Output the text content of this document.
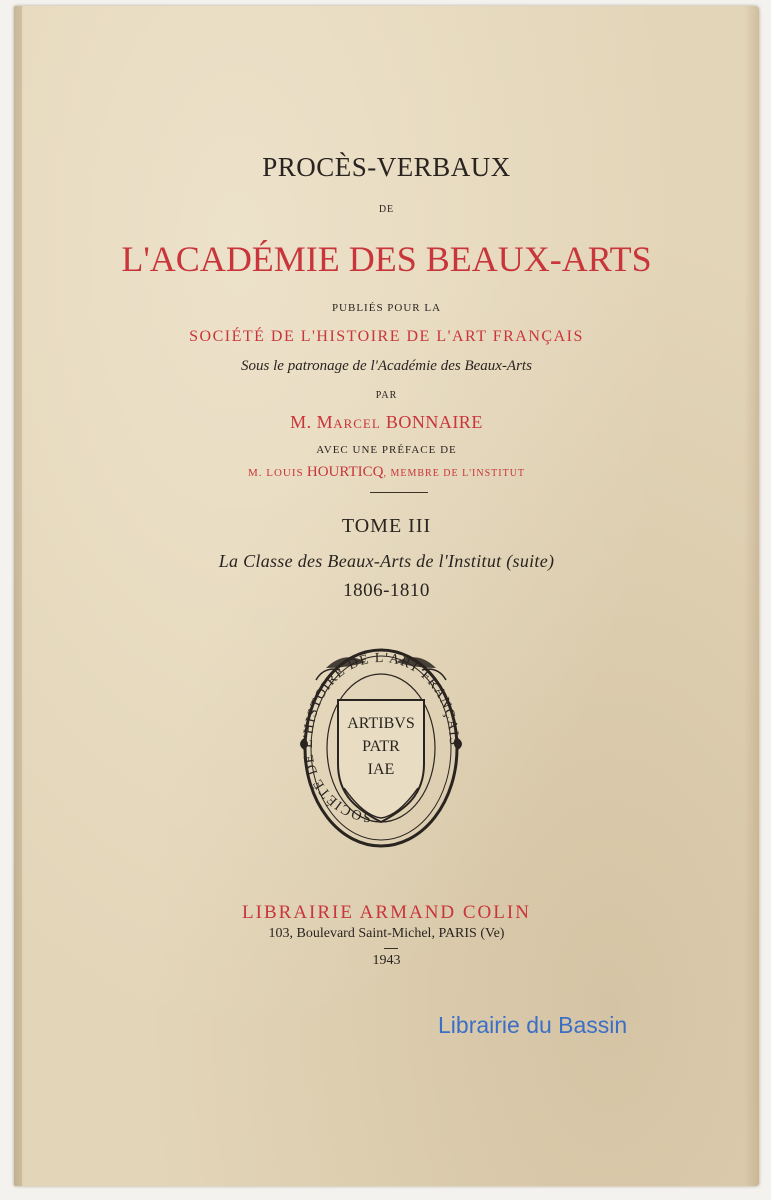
PROCÈS-VERBAUX
DE
L'ACADÉMIE DES BEAUX-ARTS
PUBLIÉS POUR LA
SOCIÉTÉ DE L'HISTOIRE DE L'ART FRANÇAIS
Sous le patronage de l'Académie des Beaux-Arts
PAR
M. MARCEL BONNAIRE
AVEC UNE PRÉFACE DE
M. LOUIS HOURTICQ, MEMBRE DE L'INSTITUT
TOME III
La Classe des Beaux-Arts de l'Institut (suite)
1806-1810
SOCIÉTÉ DE L'HISTOIRE DE L'ART FRANÇAIS
ARTIBVS
PATR
IAE
LIBRAIRIE ARMAND COLIN
103, Boulevard Saint-Michel, PARIS (Ve)
1943
Librairie du Bassin
